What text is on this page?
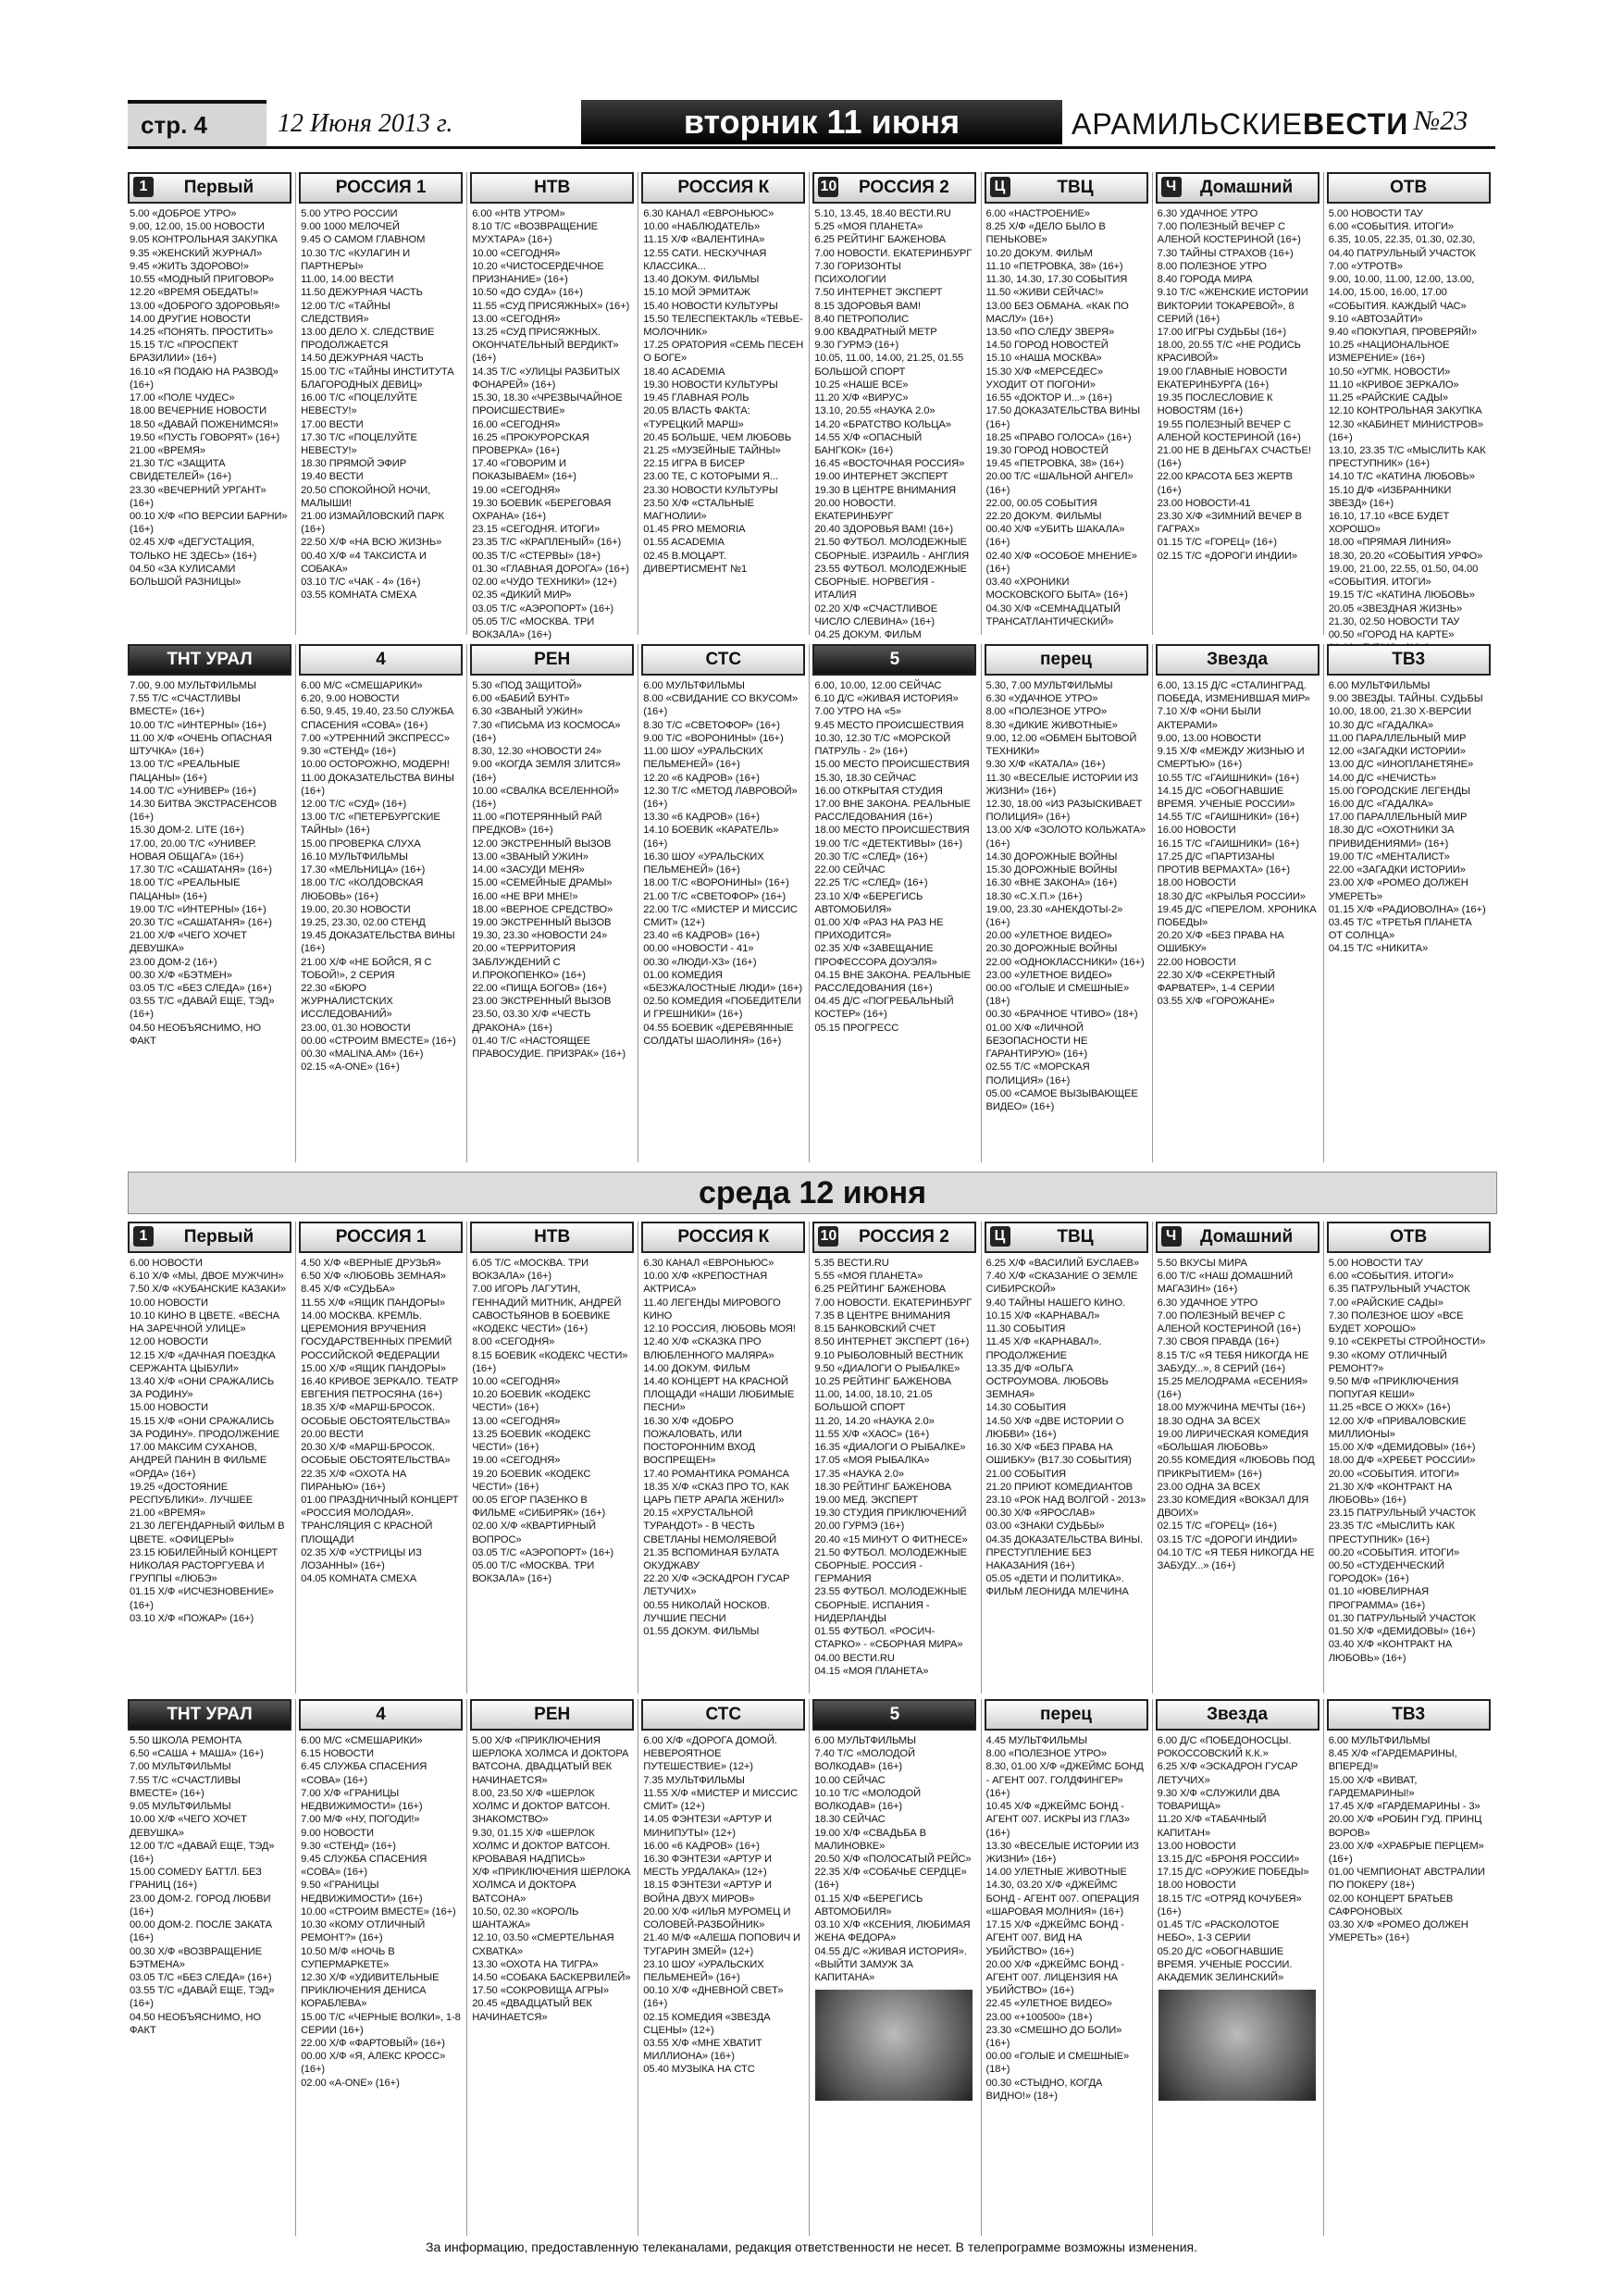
стр. 4	12 Июня 2013 г.	вторник 11 июня	АРАМИЛЬСКИЕВЕСТИ №23
1	Первый
5.00 «ДОБРОЕ УТРО»
9.00, 12.00, 15.00 НОВОСТИ
9.05 КОНТРОЛЬНАЯ ЗАКУПКА
9.35 «ЖЕНСКИЙ ЖУРНАЛ»
9.45 «ЖИТЬ ЗДОРОВО!»
10.55 «МОДНЫЙ ПРИГОВОР»
12.20 «ВРЕМЯ ОБЕДАТЬ!»
13.00 «ДОБРОГО ЗДОРОВЬЯ!»
14.00 ДРУГИЕ НОВОСТИ
14.25 «ПОНЯТЬ. ПРОСТИТЬ»
15.15 Т/С «ПРОСПЕКТ БРАЗИЛИИ» (16+)
16.10 «Я ПОДАЮ НА РАЗВОД» (16+)
17.00 «ПОЛЕ ЧУДЕС»
18.00 ВЕЧЕРНИЕ НОВОСТИ
18.50 «ДАВАЙ ПОЖЕНИМСЯ!»
19.50 «ПУСТЬ ГОВОРЯТ» (16+)
21.00 «ВРЕМЯ»
21.30 Т/С «ЗАЩИТА СВИДЕТЕЛЕЙ» (16+)
23.30 «ВЕЧЕРНИЙ УРГАНТ» (16+)
00.10 Х/Ф «ПО ВЕРСИИ БАРНИ» (16+)
02.45 Х/Ф «ДЕГУСТАЦИЯ, ТОЛЬКО НЕ ЗДЕСЬ» (16+)
04.50 «ЗА КУЛИСАМИ БОЛЬШОЙ РАЗНИЦЫ»
РОССИЯ 1
5.00 УТРО РОССИИ
9.00 1000 МЕЛОЧЕЙ
9.45 О САМОМ ГЛАВНОМ
10.30 Т/С «КУЛАГИН И ПАРТНЕРЫ»
11.00, 14.00 ВЕСТИ
11.50 ДЕЖУРНАЯ ЧАСТЬ
12.00 Т/С «ТАЙНЫ СЛЕДСТВИЯ»
13.00 ДЕЛО Х. СЛЕДСТВИЕ ПРОДОЛЖАЕТСЯ
14.50 ДЕЖУРНАЯ ЧАСТЬ
15.00 Т/С «ТАЙНЫ ИНСТИТУТА БЛАГОРОДНЫХ ДЕВИЦ»
16.00 Т/С «ПОЦЕЛУЙТЕ НЕВЕСТУ!»
17.00 ВЕСТИ
17.30 Т/С «ПОЦЕЛУЙТЕ НЕВЕСТУ!»
18.30 ПРЯМОЙ ЭФИР
19.40 ВЕСТИ
20.50 СПОКОЙНОЙ НОЧИ, МАЛЫШИ!
21.00 ИЗМАЙЛОВСКИЙ ПАРК (16+)
22.50 Х/Ф «НА ВСЮ ЖИЗНЬ»
00.40 Х/Ф «4 ТАКСИСТА И СОБАКА»
03.10 Т/С «ЧАК - 4» (16+)
03.55 КОМНАТА СМЕХА
НТВ
6.00 «НТВ УТРОМ»
8.10 Т/С «ВОЗВРАЩЕНИЕ МУХТАРА» (16+)
10.00 «СЕГОДНЯ»
10.20 «ЧИСТОСЕРДЕЧНОЕ ПРИЗНАНИЕ» (16+)
10.50 «ДО СУДА» (16+)
11.55 «СУД ПРИСЯЖНЫХ» (16+)
13.00 «СЕГОДНЯ»
13.25 «СУД ПРИСЯЖНЫХ. ОКОНЧАТЕЛЬНЫЙ ВЕРДИКТ» (16+)
14.35 Т/С «УЛИЦЫ РАЗБИТЫХ ФОНАРЕЙ» (16+)
15.30, 18.30 «ЧРЕЗВЫЧАЙНОЕ ПРОИСШЕСТВИЕ»
16.00 «СЕГОДНЯ»
16.25 «ПРОКУРОРСКАЯ ПРОВЕРКА» (16+)
17.40 «ГОВОРИМ И ПОКАЗЫВАЕМ» (16+)
19.00 «СЕГОДНЯ»
19.30 БОЕВИК «БЕРЕГОВАЯ ОХРАНА» (16+)
23.15 «СЕГОДНЯ. ИТОГИ»
23.35 Т/С «КРАПЛЕНЫЙ» (16+)
00.35 Т/С «СТЕРВЫ» (18+)
01.30 «ГЛАВНАЯ ДОРОГА» (16+)
02.00 «ЧУДО ТЕХНИКИ» (12+)
02.35 «ДИКИЙ МИР»
03.05 Т/С «АЭРОПОРТ» (16+)
05.05 Т/С «МОСКВА. ТРИ ВОКЗАЛА» (16+)
РОССИЯ К
6.30 КАНАЛ «ЕВРОНЬЮС»
10.00 «НАБЛЮДАТЕЛЬ»
11.15 Х/Ф «ВАЛЕНТИНА»
12.55 САТИ. НЕСКУЧНАЯ КЛАССИКА...
13.40 ДОКУМ. ФИЛЬМЫ
15.10 МОЙ ЭРМИТАЖ
15.40 НОВОСТИ КУЛЬТУРЫ
15.50 ТЕЛЕСПЕКТАКЛЬ «ТЕВЬЕ-МОЛОЧНИК»
17.25 ОРАТОРИЯ «СЕМЬ ПЕСЕН О БОГЕ»
18.40 ACADEMIA
19.30 НОВОСТИ КУЛЬТУРЫ
19.45 ГЛАВНАЯ РОЛЬ
20.05 ВЛАСТЬ ФАКТА: «ТУРЕЦКИЙ МАРШ»
20.45 БОЛЬШЕ, ЧЕМ ЛЮБОВЬ
21.25 «МУЗЕЙНЫЕ ТАЙНЫ»
22.15 ИГРА В БИСЕР
23.00 ТЕ, С КОТОРЫМИ Я...
23.30 НОВОСТИ КУЛЬТУРЫ
23.50 Х/Ф «СТАЛЬНЫЕ МАГНОЛИИ»
01.45 PRO MEMORIA
01.55 ACADEMIA
02.45 В.МОЦАРТ. ДИВЕРТИСМЕНТ №1
10 РОССИЯ 2
5.10, 13.45, 18.40 ВЕСТИ.RU
5.25 «МОЯ ПЛАНЕТА»
6.25 РЕЙТИНГ БАЖЕНОВА
7.00 НОВОСТИ. ЕКАТЕРИНБУРГ
7.30 ГОРИЗОНТЫ ПСИХОЛОГИИ
7.50 ИНТЕРНЕТ ЭКСПЕРТ
8.15 ЗДОРОВЬЯ ВАМ!
8.40 ПЕТРОПОЛИС
9.00 КВАДРАТНЫЙ МЕТР
9.30 ГУРМЭ (16+)
10.05, 11.00, 14.00, 21.25, 01.55 БОЛЬШОЙ СПОРТ
10.25 «НАШЕ ВСЕ»
11.20 Х/Ф «ВИРУС»
13.10, 20.55 «НАУКА 2.0»
14.20 «БРАТСТВО КОЛЬЦА»
14.55 Х/Ф «ОПАСНЫЙ БАНГКОК» (16+)
16.45 «ВОСТОЧНАЯ РОССИЯ»
19.00 ИНТЕРНЕТ ЭКСПЕРТ
19.30 В ЦЕНТРЕ ВНИМАНИЯ
20.00 НОВОСТИ. ЕКАТЕРИНБУРГ
20.40 ЗДОРОВЬЯ ВАМ! (16+)
21.50 ФУТБОЛ. МОЛОДЕЖНЫЕ СБОРНЫЕ. ИЗРАИЛЬ - АНГЛИЯ
23.55 ФУТБОЛ. МОЛОДЕЖНЫЕ СБОРНЫЕ. НОРВЕГИЯ - ИТАЛИЯ
02.20 Х/Ф «СЧАСТЛИВОЕ ЧИСЛО СЛЕВИНА» (16+)
04.25 ДОКУМ. ФИЛЬМ
Ц	ТВЦ
6.00 «НАСТРОЕНИЕ»
8.25 Х/Ф «ДЕЛО БЫЛО В ПЕНЬКОВЕ»
10.20 ДОКУМ. ФИЛЬМ
11.10 «ПЕТРОВКА, 38» (16+)
11.30, 14.30, 17.30 СОБЫТИЯ
11.50 «ЖИВИ СЕЙЧАС!»
13.00 БЕЗ ОБМАНА. «КАК ПО МАСЛУ» (16+)
13.50 «ПО СЛЕДУ ЗВЕРЯ»
14.50 ГОРОД НОВОСТЕЙ
15.10 «НАША МОСКВА»
15.30 Х/Ф «МЕРСЕДЕС» УХОДИТ ОТ ПОГОНИ»
16.55 «ДОКТОР И...» (16+)
17.50 ДОКАЗАТЕЛЬСТВА ВИНЫ (16+)
18.25 «ПРАВО ГОЛОСА» (16+)
19.30 ГОРОД НОВОСТЕЙ
19.45 «ПЕТРОВКА, 38» (16+)
20.00 Т/С «ШАЛЬНОЙ АНГЕЛ» (16+)
22.00, 00.05 СОБЫТИЯ
22.20 ДОКУМ. ФИЛЬМЫ
00.40 Х/Ф «УБИТЬ ШАКАЛА» (16+)
02.40 Х/Ф «ОСОБОЕ МНЕНИЕ» (16+)
03.40 «ХРОНИКИ МОСКОВСКОГО БЫТА» (16+)
04.30 Х/Ф «СЕМНАДЦАТЫЙ ТРАНСАТЛАНТИЧЕСКИЙ»
Ч Домашний
6.30 УДАЧНОЕ УТРО
7.00 ПОЛЕЗНЫЙ ВЕЧЕР С АЛЕНОЙ КОСТЕРИНОЙ (16+)
7.30 ТАЙНЫ СТРАХОВ (16+)
8.00 ПОЛЕЗНОЕ УТРО
8.40 ГОРОДА МИРА
9.10 Т/С «ЖЕНСКИЕ ИСТОРИИ ВИКТОРИИ ТОКАРЕВОЙ», 8 СЕРИЙ (16+)
17.00 ИГРЫ СУДЬБЫ (16+)
18.00, 20.55 Т/С «НЕ РОДИСЬ КРАСИВОЙ»
19.00 ГЛАВНЫЕ НОВОСТИ ЕКАТЕРИНБУРГА (16+)
19.35 ПОСЛЕСЛОВИЕ К НОВОСТЯМ (16+)
19.55 ПОЛЕЗНЫЙ ВЕЧЕР С АЛЕНОЙ КОСТЕРИНОЙ (16+)
21.00 НЕ В ДЕНЬГАХ СЧАСТЬЕ! (16+)
22.00 КРАСОТА БЕЗ ЖЕРТВ (16+)
23.00 НОВОСТИ-41
23.30 Х/Ф «ЗИМНИЙ ВЕЧЕР В ГАГРАХ»
01.15 Т/С «ГОРЕЦ» (16+)
02.15 Т/С «ДОРОГИ ИНДИИ»
ОТВ
5.00 НОВОСТИ ТАУ
6.00 «СОБЫТИЯ. ИТОГИ»
6.35, 10.05, 22.35, 01.30, 02.30, 04.40 ПАТРУЛЬНЫЙ УЧАСТОК
7.00 «УТРОТВ»
9.00, 10.00, 11.00, 12.00, 13.00, 14.00, 15.00, 16.00, 17.00 «СОБЫТИЯ. КАЖДЫЙ ЧАС»
9.10 «АВТОЗАЙТИ»
9.40 «ПОКУПАЯ, ПРОВЕРЯЙ!»
10.25 «НАЦИОНАЛЬНОЕ ИЗМЕРЕНИЕ» (16+)
10.50 «УГМК. НОВОСТИ»
11.10 «КРИВОЕ ЗЕРКАЛО»
11.25 «РАЙСКИЕ САДЫ»
12.10 КОНТРОЛЬНАЯ ЗАКУПКА
12.30 «КАБИНЕТ МИНИСТРОВ» (16+)
13.10, 23.35 Т/С «МЫСЛИТЬ КАК ПРЕСТУПНИК» (16+)
14.10 Т/С «КАТИНА ЛЮБОВЬ»
15.10 Д/Ф «ИЗБРАННИКИ ЗВЕЗД» (16+)
16.10, 17.10 «ВСЕ БУДЕТ ХОРОШО»
18.00 «ПРЯМАЯ ЛИНИЯ»
18.30, 20.20 «СОБЫТИЯ УРФО»
19.00, 21.00, 22.55, 01.50, 04.00 «СОБЫТИЯ. ИТОГИ»
19.15 Т/С «КАТИНА ЛЮБОВЬ»
20.05 «ЗВЕЗДНАЯ ЖИЗНЬ»
21.30, 02.50 НОВОСТИ ТАУ
00.50 «ГОРОД НА КАРТЕ»

ТНТ УРАЛ
7.00, 9.00 МУЛЬТФИЛЬМЫ
7.55 Т/С «СЧАСТЛИВЫ ВМЕСТЕ» (16+)
10.00 Т/С «ИНТЕРНЫ» (16+)
11.00 Х/Ф «ОЧЕНЬ ОПАСНАЯ ШТУЧКА» (16+)
13.00 Т/С «РЕАЛЬНЫЕ ПАЦАНЫ» (16+)
14.00 Т/С «УНИВЕР» (16+)
14.30 БИТВА ЭКСТРАСЕНСОВ (16+)
15.30 ДОМ-2. LITE (16+)
17.00, 20.00 Т/С «УНИВЕР. НОВАЯ ОБЩАГА» (16+)
17.30 Т/С «САШАТАНЯ» (16+)
18.00 Т/С «РЕАЛЬНЫЕ ПАЦАНЫ» (16+)
19.00 Т/С «ИНТЕРНЫ» (16+)
20.30 Т/С «САШАТАНЯ» (16+)
21.00 Х/Ф «ЧЕГО ХОЧЕТ ДЕВУШКА»
23.00 ДОМ-2 (16+)
00.30 Х/Ф «БЭТМЕН»
03.05 Т/С «БЕЗ СЛЕДА» (16+)
03.55 Т/С «ДАВАЙ ЕЩЕ, ТЭД» (16+)
04.50 НЕОБЪЯСНИМО, НО ФАКТ
4
6.00 М/С «СМЕШАРИКИ»
6.20, 9.00 НОВОСТИ
6.50, 9.45, 19.40, 23.50 СЛУЖБА СПАСЕНИЯ «СОВА» (16+)
7.00 «УТРЕННИЙ ЭКСПРЕСС»
9.30 «СТЕНД» (16+)
10.00 ОСТОРОЖНО, МОДЕРН!
11.00 ДОКАЗАТЕЛЬСТВА ВИНЫ (16+)
12.00 Т/С «СУД» (16+)
13.00 Т/С «ПЕТЕРБУРГСКИЕ ТАЙНЫ» (16+)
15.00 ПРОВЕРКА СЛУХА
16.10 МУЛЬТФИЛЬМЫ
17.30 «МЕЛЬНИЦА» (16+)
18.00 Т/С «КОЛДОВСКАЯ ЛЮБОВЬ» (16+)
19.00, 20.30 НОВОСТИ
19.25, 23.30, 02.00 СТЕНД
19.45 ДОКАЗАТЕЛЬСТВА ВИНЫ (16+)
21.00 Х/Ф «НЕ БОЙСЯ, Я С ТОБОЙ!», 2 СЕРИЯ
22.30 «БЮРО ЖУРНАЛИСТСКИХ ИССЛЕДОВАНИЙ»
23.00, 01.30 НОВОСТИ
00.00 «СТРОИМ ВМЕСТЕ» (16+)
00.30 «MALINA.AM» (16+)
02.15 «A-ONE» (16+)
РЕН
5.30 «ПОД ЗАЩИТОЙ»
6.00 «БАБИЙ БУНТ»
6.30 «ЗВАНЫЙ УЖИН»
7.30 «ПИСЬМА ИЗ КОСМОСА» (16+)
8.30, 12.30 «НОВОСТИ 24»
9.00 «КОГДА ЗЕМЛЯ ЗЛИТСЯ» (16+)
10.00 «СВАЛКА ВСЕЛЕННОЙ» (16+)
11.00 «ПОТЕРЯННЫЙ РАЙ ПРЕДКОВ» (16+)
12.00 ЭКСТРЕННЫЙ ВЫЗОВ
13.00 «ЗВАНЫЙ УЖИН»
14.00 «ЗАСУДИ МЕНЯ»
15.00 «СЕМЕЙНЫЕ ДРАМЫ»
16.00 «НЕ ВРИ МНЕ!»
18.00 «ВЕРНОЕ СРЕДСТВО»
19.00 ЭКСТРЕННЫЙ ВЫЗОВ
19.30, 23.30 «НОВОСТИ 24»
20.00 «ТЕРРИТОРИЯ ЗАБЛУЖДЕНИЙ С И.ПРОКОПЕНКО» (16+)
22.00 «ПИЩА БОГОВ» (16+)
23.00 ЭКСТРЕННЫЙ ВЫЗОВ
23.50, 03.30 Х/Ф «ЧЕСТЬ ДРАКОНА» (16+)
01.40 Т/С «НАСТОЯЩЕЕ ПРАВОСУДИЕ. ПРИЗРАК» (16+)
СТС
6.00 МУЛЬТФИЛЬМЫ
8.00 «СВИДАНИЕ СО ВКУСОМ» (16+)
8.30 Т/С «СВЕТОФОР» (16+)
9.00 Т/С «ВОРОНИНЫ» (16+)
11.00 ШОУ «УРАЛЬСКИХ ПЕЛЬМЕНЕЙ» (16+)
12.20 «6 КАДРОВ» (16+)
12.30 Т/С «МЕТОД ЛАВРОВОЙ» (16+)
13.30 «6 КАДРОВ» (16+)
14.10 БОЕВИК «КАРАТЕЛЬ» (16+)
16.30 ШОУ «УРАЛЬСКИХ ПЕЛЬМЕНЕЙ» (16+)
18.00 Т/С «ВОРОНИНЫ» (16+)
21.00 Т/С «СВЕТОФОР» (16+)
22.00 Т/С «МИСТЕР И МИССИС СМИТ» (12+)
23.40 «6 КАДРОВ» (16+)
00.00 «НОВОСТИ - 41»
00.30 «ЛЮДИ-Х3» (16+)
01.00 КОМЕДИЯ «БЕЗЖАЛОСТНЫЕ ЛЮДИ» (16+)
02.50 КОМЕДИЯ «ПОБЕДИТЕЛИ И ГРЕШНИКИ» (16+)
04.55 БОЕВИК «ДЕРЕВЯННЫЕ СОЛДАТЫ ШАОЛИНЯ» (16+)
5
6.00, 10.00, 12.00 СЕЙЧАС
6.10 Д/С «ЖИВАЯ ИСТОРИЯ»
7.00 УТРО НА «5»
9.45 МЕСТО ПРОИСШЕСТВИЯ
10.30, 12.30 Т/С «МОРСКОЙ ПАТРУЛЬ - 2» (16+)
15.00 МЕСТО ПРОИСШЕСТВИЯ
15.30, 18.30 СЕЙЧАС
16.00 ОТКРЫТАЯ СТУДИЯ
17.00 ВНЕ ЗАКОНА. РЕАЛЬНЫЕ РАССЛЕДОВАНИЯ (16+)
18.00 МЕСТО ПРОИСШЕСТВИЯ
19.00 Т/С «ДЕТЕКТИВЫ» (16+)
20.30 Т/С «СЛЕД» (16+)
22.00 СЕЙЧАС
22.25 Т/С «СЛЕД» (16+)
23.10 Х/Ф «БЕРЕГИСЬ АВТОМОБИЛЯ»
01.00 Х/Ф «РАЗ НА РАЗ НЕ ПРИХОДИТСЯ»
02.35 Х/Ф «ЗАВЕЩАНИЕ ПРОФЕССОРА ДОУЭЛЯ»
04.15 ВНЕ ЗАКОНА. РЕАЛЬНЫЕ РАССЛЕДОВАНИЯ (16+)
04.45 Д/С «ПОГРЕБАЛЬНЫЙ КОСТЕР» (16+)
05.15 ПРОГРЕСС
перец
5.30, 7.00 МУЛЬТФИЛЬМЫ
6.30 «УДАЧНОЕ УТРО»
8.00 «ПОЛЕЗНОЕ УТРО»
8.30 «ДИКИЕ ЖИВОТНЫЕ»
9.00, 12.00 «ОБМЕН БЫТОВОЙ ТЕХНИКИ»
9.30 Х/Ф «КАТАЛА» (16+)
11.30 «ВЕСЕЛЫЕ ИСТОРИИ ИЗ ЖИЗНИ» (16+)
12.30, 18.00 «ИЗ РАЗЫСКИВАЕТ ПОЛИЦИЯ» (16+)
13.00 Х/Ф «ЗОЛОТО КОЛЬЖАТА» (16+)
14.30 ДОРОЖНЫЕ ВОЙНЫ
15.30 ДОРОЖНЫЕ ВОЙНЫ
16.30 «ВНЕ ЗАКОНА» (16+)
18.30 «С.Х.П.» (16+)
19.00, 23.30 «АНЕКДОТЫ-2» (16+)
20.00 «УЛЕТНОЕ ВИДЕО»
20.30 ДОРОЖНЫЕ ВОЙНЫ
22.00 «ОДНОКЛАССНИКИ» (16+)
23.00 «УЛЕТНОЕ ВИДЕО»
00.00 «ГОЛЫЕ И СМЕШНЫЕ» (18+)
00.30 «БРАЧНОЕ ЧТИВО» (18+)
01.00 Х/Ф «ЛИЧНОЙ БЕЗОПАСНОСТИ НЕ ГАРАНТИРУЮ» (16+)
02.55 Т/С «МОРСКАЯ ПОЛИЦИЯ» (16+)
05.00 «САМОЕ ВЫЗЫВАЮЩЕЕ ВИДЕО» (16+)
Звезда
6.00, 13.15 Д/С «СТАЛИНГРАД. ПОБЕДА, ИЗМЕНИВШАЯ МИР»
7.10 Х/Ф «ОНИ БЫЛИ АКТЕРАМИ»
9.00, 13.00 НОВОСТИ
9.15 Х/Ф «МЕЖДУ ЖИЗНЬЮ И СМЕРТЬЮ» (16+)
10.55 Т/С «ГАИШНИКИ» (16+)
14.15 Д/С «ОБОГНАВШИЕ ВРЕМЯ. УЧЕНЫЕ РОССИИ»
14.55 Т/С «ГАИШНИКИ» (16+)
16.00 НОВОСТИ
16.15 Т/С «ГАИШНИКИ» (16+)
17.25 Д/С «ПАРТИЗАНЫ ПРОТИВ ВЕРМАХТА» (16+)
18.00 НОВОСТИ
18.30 Д/С «КРЫЛЬЯ РОССИИ»
19.45 Д/С «ПЕРЕЛОМ. ХРОНИКА ПОБЕДЫ»
20.20 Х/Ф «БЕЗ ПРАВА НА ОШИБКУ»
22.00 НОВОСТИ
22.30 Х/Ф «СЕКРЕТНЫЙ ФАРВАТЕР», 1-4 СЕРИИ
03.55 Х/Ф «ГОРОЖАНЕ»
ТВ3
6.00 МУЛЬТФИЛЬМЫ
9.00 ЗВЕЗДЫ. ТАЙНЫ. СУДЬБЫ
10.00, 18.00, 21.30 Х-ВЕРСИИ
10.30 Д/С «ГАДАЛКА»
11.00 ПАРАЛЛЕЛЬНЫЙ МИР
12.00 «ЗАГАДКИ ИСТОРИИ»
13.00 Д/С «ИНОПЛАНЕТЯНЕ»
14.00 Д/С «НЕЧИСТЬ»
15.00 ГОРОДСКИЕ ЛЕГЕНДЫ
16.00 Д/С «ГАДАЛКА»
17.00 ПАРАЛЛЕЛЬНЫЙ МИР
18.30 Д/С «ОХОТНИКИ ЗА ПРИВИДЕНИЯМИ» (16+)
19.00 Т/С «МЕНТАЛИСТ»
22.00 «ЗАГАДКИ ИСТОРИИ»
23.00 Х/Ф «РОМЕО ДОЛЖЕН УМЕРЕТЬ»
01.15 Х/Ф «РАДИОВОЛНА» (16+)
03.45 Т/С «ТРЕТЬЯ ПЛАНЕТА ОТ СОЛНЦА»
04.15 Т/С «НИКИТА»
среда 12 июня
1	Первый
6.00 НОВОСТИ
6.10 Х/Ф «МЫ, ДВОЕ МУЖЧИН»
7.50 Х/Ф «КУБАНСКИЕ КАЗАКИ»
10.00 НОВОСТИ
10.10 КИНО В ЦВЕТЕ. «ВЕСНА НА ЗАРЕЧНОЙ УЛИЦЕ»
12.00 НОВОСТИ
12.15 Х/Ф «ДАЧНАЯ ПОЕЗДКА СЕРЖАНТА ЦЫБУЛИ»
13.40 Х/Ф «ОНИ СРАЖАЛИСЬ ЗА РОДИНУ»
15.00 НОВОСТИ
15.15 Х/Ф «ОНИ СРАЖАЛИСЬ ЗА РОДИНУ». ПРОДОЛЖЕНИЕ
17.00 МАКСИМ СУХАНОВ, АНДРЕЙ ПАНИН В ФИЛЬМЕ «ОРДА» (16+)
19.25 «ДОСТОЯНИЕ РЕСПУБЛИКИ». ЛУЧШЕЕ
21.00 «ВРЕМЯ»
21.30 ЛЕГЕНДАРНЫЙ ФИЛЬМ В ЦВЕТЕ. «ОФИЦЕРЫ»
23.15 ЮБИЛЕЙНЫЙ КОНЦЕРТ НИКОЛАЯ РАСТОРГУЕВА И ГРУППЫ «ЛЮБЭ»
01.15 Х/Ф «ИСЧЕЗНОВЕНИЕ» (16+)
03.10 Х/Ф «ПОЖАР» (16+)
РОССИЯ 1
4.50 Х/Ф «ВЕРНЫЕ ДРУЗЬЯ»
6.50 Х/Ф «ЛЮБОВЬ ЗЕМНАЯ»
8.45 Х/Ф «СУДЬБА»
11.55 Х/Ф «ЯЩИК ПАНДОРЫ»
14.00 МОСКВА. КРЕМЛЬ. ЦЕРЕМОНИЯ ВРУЧЕНИЯ ГОСУДАРСТВЕННЫХ ПРЕМИЙ РОССИЙСКОЙ ФЕДЕРАЦИИ
15.00 Х/Ф «ЯЩИК ПАНДОРЫ»
16.40 КРИВОЕ ЗЕРКАЛО. ТЕАТР ЕВГЕНИЯ ПЕТРОСЯНА (16+)
18.35 Х/Ф «МАРШ-БРОСОК. ОСОБЫЕ ОБСТОЯТЕЛЬСТВА»
20.00 ВЕСТИ
20.30 Х/Ф «МАРШ-БРОСОК. ОСОБЫЕ ОБСТОЯТЕЛЬСТВА»
22.35 Х/Ф «ОХОТА НА ПИРАНЬЮ» (16+)
01.00 ПРАЗДНИЧНЫЙ КОНЦЕРТ «РОССИЯ МОЛОДАЯ». ТРАНСЛЯЦИЯ С КРАСНОЙ ПЛОЩАДИ
02.35 Х/Ф «УСТРИЦЫ ИЗ ЛОЗАННЫ» (16+)
04.05 КОМНАТА СМЕХА
НТВ
6.05 Т/С «МОСКВА. ТРИ ВОКЗАЛА» (16+)
7.00 ИГОРЬ ЛАГУТИН, ГЕННАДИЙ МИТНИК, АНДРЕЙ САВОСТЬЯНОВ В БОЕВИКЕ «КОДЕКС ЧЕСТИ» (16+)
8.00 «СЕГОДНЯ»
8.15 БОЕВИК «КОДЕКС ЧЕСТИ» (16+)
10.00 «СЕГОДНЯ»
10.20 БОЕВИК «КОДЕКС ЧЕСТИ» (16+)
13.00 «СЕГОДНЯ»
13.25 БОЕВИК «КОДЕКС ЧЕСТИ» (16+)
19.00 «СЕГОДНЯ»
19.20 БОЕВИК «КОДЕКС ЧЕСТИ» (16+)
00.05 ЕГОР ПАЗЕНКО В ФИЛЬМЕ «СИБИРЯК» (16+)
02.00 Х/Ф «КВАРТИРНЫЙ ВОПРОС»
03.05 Т/С «АЭРОПОРТ» (16+)
05.00 Т/С «МОСКВА. ТРИ ВОКЗАЛА» (16+)
РОССИЯ К
6.30 КАНАЛ «ЕВРОНЬЮС»
10.00 Х/Ф «КРЕПОСТНАЯ АКТРИСА»
11.40 ЛЕГЕНДЫ МИРОВОГО КИНО
12.10 РОССИЯ, ЛЮБОВЬ МОЯ!
12.40 Х/Ф «СКАЗКА ПРО ВЛЮБЛЕННОГО МАЛЯРА»
14.00 ДОКУМ. ФИЛЬМ
14.40 КОНЦЕРТ НА КРАСНОЙ ПЛОЩАДИ «НАШИ ЛЮБИМЫЕ ПЕСНИ»
16.30 Х/Ф «ДОБРО ПОЖАЛОВАТЬ, ИЛИ ПОСТОРОННИМ ВХОД ВОСПРЕЩЕН»
17.40 РОМАНТИКА РОМАНСА
18.35 Х/Ф «СКАЗ ПРО ТО, КАК ЦАРЬ ПЕТР АРАПА ЖЕНИЛ»
20.15 «ХРУСТАЛЬНОЙ ТУРАНДОТ» - В ЧЕСТЬ СВЕТЛАНЫ НЕМОЛЯЕВОЙ
21.35 ВСПОМИНАЯ БУЛАТА ОКУДЖАВУ
22.20 Х/Ф «ЭСКАДРОН ГУСАР ЛЕТУЧИХ»
00.55 НИКОЛАЙ НОСКОВ. ЛУЧШИЕ ПЕСНИ
01.55 ДОКУМ. ФИЛЬМЫ
10 РОССИЯ 2
5.35 ВЕСТИ.RU
5.55 «МОЯ ПЛАНЕТА»
6.25 РЕЙТИНГ БАЖЕНОВА
7.00 НОВОСТИ. ЕКАТЕРИНБУРГ
7.35 В ЦЕНТРЕ ВНИМАНИЯ
8.15 БАНКОВСКИЙ СЧЕТ
8.50 ИНТЕРНЕТ ЭКСПЕРТ (16+)
9.10 РЫБОЛОВНЫЙ ВЕСТНИК
9.50 «ДИАЛОГИ О РЫБАЛКЕ»
10.25 РЕЙТИНГ БАЖЕНОВА
11.00, 14.00, 18.10, 21.05 БОЛЬШОЙ СПОРТ
11.20, 14.20 «НАУКА 2.0»
11.55 Х/Ф «ХАОС» (16+)
16.35 «ДИАЛОГИ О РЫБАЛКЕ»
17.05 «МОЯ РЫБАЛКА»
17.35 «НАУКА 2.0»
18.30 РЕЙТИНГ БАЖЕНОВА
19.00 МЕД. ЭКСПЕРТ
19.30 СТУДИЯ ПРИКЛЮЧЕНИЙ
20.00 ГУРМЭ (16+)
20.40 «15 МИНУТ О ФИТНЕСЕ»
21.50 ФУТБОЛ. МОЛОДЕЖНЫЕ СБОРНЫЕ. РОССИЯ - ГЕРМАНИЯ
23.55 ФУТБОЛ. МОЛОДЕЖНЫЕ СБОРНЫЕ. ИСПАНИЯ - НИДЕРЛАНДЫ
01.55 ФУТБОЛ. «РОСИЧ-СТАРКО» - «СБОРНАЯ МИРА»
04.00 ВЕСТИ.RU
04.15 «МОЯ ПЛАНЕТА»
Ц	ТВЦ
6.25 Х/Ф «ВАСИЛИЙ БУСЛАЕВ»
7.40 Х/Ф «СКАЗАНИЕ О ЗЕМЛЕ СИБИРСКОЙ»
9.40 ТАЙНЫ НАШЕГО КИНО.
10.15 Х/Ф «КАРНАВАЛ»
11.30 СОБЫТИЯ
11.45 Х/Ф «КАРНАВАЛ». ПРОДОЛЖЕНИЕ
13.35 Д/Ф «ОЛЬГА ОСТРОУМОВА. ЛЮБОВЬ ЗЕМНАЯ»
14.30 СОБЫТИЯ
14.50 Х/Ф «ДВЕ ИСТОРИИ О ЛЮБВИ» (16+)
16.30 Х/Ф «БЕЗ ПРАВА НА ОШИБКУ» (В17.30 СОБЫТИЯ)
21.00 СОБЫТИЯ
21.20 ПРИЮТ КОМЕДИАНТОВ
23.10 «РОК НАД ВОЛГОЙ - 2013»
00.30 Х/Ф «ЯРОСЛАВ»
03.00 «ЗНАКИ СУДЬБЫ»
04.35 ДОКАЗАТЕЛЬСТВА ВИНЫ. ПРЕСТУПЛЕНИЕ БЕЗ НАКАЗАНИЯ (16+)
05.05 «ДЕТИ И ПОЛИТИКА». ФИЛЬМ ЛЕОНИДА МЛЕЧИНА
Ч Домашний
5.50 ВКУСЫ МИРА
6.00 Т/С «НАШ ДОМАШНИЙ МАГАЗИН» (16+)
6.30 УДАЧНОЕ УТРО
7.00 ПОЛЕЗНЫЙ ВЕЧЕР С АЛЕНОЙ КОСТЕРИНОЙ (16+)
7.30 СВОЯ ПРАВДА (16+)
8.15 Т/С «Я ТЕБЯ НИКОГДА НЕ ЗАБУДУ...», 8 СЕРИЙ (16+)
15.25 МЕЛОДРАМА «ЕСЕНИЯ» (16+)
18.00 МУЖЧИНА МЕЧТЫ (16+)
18.30 ОДНА ЗА ВСЕХ
19.00 ЛИРИЧЕСКАЯ КОМЕДИЯ «БОЛЬШАЯ ЛЮБОВЬ»
20.55 КОМЕДИЯ «ЛЮБОВЬ ПОД ПРИКРЫТИЕМ» (16+)
23.00 ОДНА ЗА ВСЕХ
23.30 КОМЕДИЯ «ВОКЗАЛ ДЛЯ ДВОИХ»
02.15 Т/С «ГОРЕЦ» (16+)
03.15 Т/С «ДОРОГИ ИНДИИ»
04.10 Т/С «Я ТЕБЯ НИКОГДА НЕ ЗАБУДУ...» (16+)
ОТВ
5.00 НОВОСТИ ТАУ
6.00 «СОБЫТИЯ. ИТОГИ»
6.35 ПАТРУЛЬНЫЙ УЧАСТОК
7.00 «РАЙСКИЕ САДЫ»
7.30 ПОЛЕЗНОЕ ШОУ «ВСЕ БУДЕТ ХОРОШО»
9.10 «СЕКРЕТЫ СТРОЙНОСТИ»
9.30 «КОМУ ОТЛИЧНЫЙ РЕМОНТ?»
9.50 М/Ф «ПРИКЛЮЧЕНИЯ ПОПУГАЯ КЕШИ»
11.25 «ВСЕ О ЖКХ» (16+)
12.00 Х/Ф «ПРИВАЛОВСКИЕ МИЛЛИОНЫ»
15.00 Х/Ф «ДЕМИДОВЫ» (16+)
18.00 Д/Ф «ХРЕБЕТ РОССИИ»
20.00 «СОБЫТИЯ. ИТОГИ»
21.30 Х/Ф «КОНТРАКТ НА ЛЮБОВЬ» (16+)
23.15 ПАТРУЛЬНЫЙ УЧАСТОК
23.35 Т/С «МЫСЛИТЬ КАК ПРЕСТУПНИК» (16+)
00.20 «СОБЫТИЯ. ИТОГИ»
00.50 «СТУДЕНЧЕСКИЙ ГОРОДОК» (16+)
01.10 «ЮВЕЛИРНАЯ ПРОГРАММА» (16+)
01.30 ПАТРУЛЬНЫЙ УЧАСТОК
01.50 Х/Ф «ДЕМИДОВЫ» (16+)
03.40 Х/Ф «КОНТРАКТ НА ЛЮБОВЬ» (16+)
ТНТ УРАЛ
5.50 ШКОЛА РЕМОНТА
6.50 «САША + МАША» (16+)
7.00 МУЛЬТФИЛЬМЫ
7.55 Т/С «СЧАСТЛИВЫ ВМЕСТЕ» (16+)
9.05 МУЛЬТФИЛЬМЫ
10.00 Х/Ф «ЧЕГО ХОЧЕТ ДЕВУШКА»
12.00 Т/С «ДАВАЙ ЕЩЕ, ТЭД» (16+)
15.00 COMEDY БАТТЛ. БЕЗ ГРАНИЦ (16+)
23.00 ДОМ-2. ГОРОД ЛЮБВИ (16+)
00.00 ДОМ-2. ПОСЛЕ ЗАКАТА (16+)
00.30 Х/Ф «ВОЗВРАЩЕНИЕ БЭТМЕНА»
03.05 Т/С «БЕЗ СЛЕДА» (16+)
03.55 Т/С «ДАВАЙ ЕЩЕ, ТЭД» (16+)
04.50 НЕОБЪЯСНИМО, НО ФАКТ
4
6.00 М/С «СМЕШАРИКИ»
6.15 НОВОСТИ
6.45 СЛУЖБА СПАСЕНИЯ «СОВА» (16+)
7.00 Х/Ф «ГРАНИЦЫ НЕДВИЖИМОСТИ» (16+)
7.00 М/Ф «НУ, ПОГОДИ!»
9.00 НОВОСТИ
9.30 «СТЕНД» (16+)
9.45 СЛУЖБА СПАСЕНИЯ «СОВА» (16+)
9.50 «ГРАНИЦЫ НЕДВИЖИМОСТИ» (16+)
10.00 «СТРОИМ ВМЕСТЕ» (16+)
10.30 «КОМУ ОТЛИЧНЫЙ РЕМОНТ?» (16+)
10.50 М/Ф «НОЧЬ В СУПЕРМАРКЕТЕ»
12.30 Х/Ф «УДИВИТЕЛЬНЫЕ ПРИКЛЮЧЕНИЯ ДЕНИСА КОРАБЛЕВА»
15.00 Т/С «ЧЕРНЫЕ ВОЛКИ», 1-8 СЕРИИ (16+)
22.00 Х/Ф «ФАРТОВЫЙ» (16+)
00.00 Х/Ф «Я, АЛЕКС КРОСС» (16+)
02.00 «A-ONE» (16+)
РЕН
5.00 Х/Ф «ПРИКЛЮЧЕНИЯ ШЕРЛОКА ХОЛМСА И ДОКТОРА ВАТСОНА. ДВАДЦАТЫЙ ВЕК НАЧИНАЕТСЯ»
8.00, 23.50 Х/Ф «ШЕРЛОК ХОЛМС И ДОКТОР ВАТСОН. ЗНАКОМСТВО»
9.30, 01.15 Х/Ф «ШЕРЛОК ХОЛМС И ДОКТОР ВАТСОН. КРОВАВАЯ НАДПИСЬ»
Х/Ф «ПРИКЛЮЧЕНИЯ ШЕРЛОКА ХОЛМСА И ДОКТОРА ВАТСОНА»
10.50, 02.30 «КОРОЛЬ ШАНТАЖА»
12.10, 03.50 «СМЕРТЕЛЬНАЯ СХВАТКА»
13.30 «ОХОТА НА ТИГРА»
14.50 «СОБАКА БАСКЕРВИЛЕЙ»
17.50 «СОКРОВИЩА АГРЫ»
20.45 «ДВАДЦАТЫЙ ВЕК НАЧИНАЕТСЯ»
СТС
6.00 Х/Ф «ДОРОГА ДОМОЙ. НЕВЕРОЯТНОЕ ПУТЕШЕСТВИЕ» (12+)
7.35 МУЛЬТФИЛЬМЫ
11.55 Х/Ф «МИСТЕР И МИССИС СМИТ» (12+)
14.05 ФЭНТЕЗИ «АРТУР И МИНИПУТЫ» (12+)
16.00 «6 КАДРОВ» (16+)
16.30 ФЭНТЕЗИ «АРТУР И МЕСТЬ УРДАЛАКА» (12+)
18.15 ФЭНТЕЗИ «АРТУР И ВОЙНА ДВУХ МИРОВ»
20.00 Х/Ф «ИЛЬЯ МУРОМЕЦ И СОЛОВЕЙ-РАЗБОЙНИК»
21.40 М/Ф «АЛЕША ПОПОВИЧ И ТУГАРИН ЗМЕЙ» (12+)
23.10 ШОУ «УРАЛЬСКИХ ПЕЛЬМЕНЕЙ» (16+)
00.10 Х/Ф «ДНЕВНОЙ СВЕТ» (16+)
02.15 КОМЕДИЯ «ЗВЕЗДА СЦЕНЫ» (12+)
03.55 Х/Ф «МНЕ ХВАТИТ МИЛЛИОНА» (16+)
05.40 МУЗЫКА НА СТС
5
6.00 МУЛЬТФИЛЬМЫ
7.40 Т/С «МОЛОДОЙ ВОЛКОДАВ» (16+)
10.00 СЕЙЧАС
10.10 Т/С «МОЛОДОЙ ВОЛКОДАВ» (16+)
18.30 СЕЙЧАС
19.00 Х/Ф «СВАДЬБА В МАЛИНОВКЕ»
20.50 Х/Ф «ПОЛОСАТЫЙ РЕЙС»
22.35 Х/Ф «СОБАЧЬЕ СЕРДЦЕ» (16+)
01.15 Х/Ф «БЕРЕГИСЬ АВТОМОБИЛЯ»
03.10 Х/Ф «КСЕНИЯ, ЛЮБИМАЯ ЖЕНА ФЕДОРА»
04.55 Д/С «ЖИВАЯ ИСТОРИЯ». «ВЫЙТИ ЗАМУЖ ЗА КАПИТАНА»
перец
4.45 МУЛЬТФИЛЬМЫ
8.00 «ПОЛЕЗНОЕ УТРО»
8.30, 01.00 Х/Ф «ДЖЕЙМС БОНД - АГЕНТ 007. ГОЛДФИНГЕР» (16+)
10.45 Х/Ф «ДЖЕЙМС БОНД - АГЕНТ 007. ИСКРЫ ИЗ ГЛАЗ» (16+)
13.30 «ВЕСЕЛЫЕ ИСТОРИИ ИЗ ЖИЗНИ» (16+)
14.00 УЛЕТНЫЕ ЖИВОТНЫЕ
14.30, 03.20 Х/Ф «ДЖЕЙМС БОНД - АГЕНТ 007. ОПЕРАЦИЯ «ШАРОВАЯ МОЛНИЯ» (16+)
17.15 Х/Ф «ДЖЕЙМС БОНД - АГЕНТ 007. ВИД НА УБИЙСТВО» (16+)
20.00 Х/Ф «ДЖЕЙМС БОНД - АГЕНТ 007. ЛИЦЕНЗИЯ НА УБИЙСТВО» (16+)
22.45 «УЛЕТНОЕ ВИДЕО»
23.00 «+100500» (18+)
23.30 «СМЕШНО ДО БОЛИ» (16+)
00.00 «ГОЛЫЕ И СМЕШНЫЕ» (18+)
00.30 «СТЫДНО, КОГДА ВИДНО!» (18+)
Звезда
6.00 Д/С «ПОБЕДОНОСЦЫ. РОКОССОВСКИЙ К.К.»
6.25 Х/Ф «ЭСКАДРОН ГУСАР ЛЕТУЧИХ»
9.30 Х/Ф «СЛУЖИЛИ ДВА ТОВАРИЩА»
11.20 Х/Ф «ТАБАЧНЫЙ КАПИТАН»
13.00 НОВОСТИ
13.15 Д/С «БРОНЯ РОССИИ»
17.15 Д/С «ОРУЖИЕ ПОБЕДЫ»
18.00 НОВОСТИ
18.15 Т/С «ОТРЯД КОЧУБЕЯ» (16+)
01.45 Т/С «РАСКОЛОТОЕ НЕБО», 1-3 СЕРИИ
05.20 Д/С «ОБОГНАВШИЕ ВРЕМЯ. УЧЕНЫЕ РОССИИ. АКАДЕМИК ЗЕЛИНСКИЙ»
ТВ3
6.00 МУЛЬТФИЛЬМЫ
8.45 Х/Ф «ГАРДЕМАРИНЫ, ВПЕРЕД!»
15.00 Х/Ф «ВИВАТ, ГАРДЕМАРИНЫ!»
17.45 Х/Ф «ГАРДЕМАРИНЫ - 3»
20.00 Х/Ф «РОБИН ГУД. ПРИНЦ ВОРОВ»
23.00 Х/Ф «ХРАБРЫЕ ПЕРЦЕМ» (16+)
01.00 ЧЕМПИОНАТ АВСТРАЛИИ ПО ПОКЕРУ (18+)
02.00 КОНЦЕРТ БРАТЬЕВ САФРОНОВЫХ
03.30 Х/Ф «РОМЕО ДОЛЖЕН УМЕРЕТЬ» (16+)
За информацию, предоставленную телеканалами, редакция ответственности не несет. В телепрограмме возможны изменения.
